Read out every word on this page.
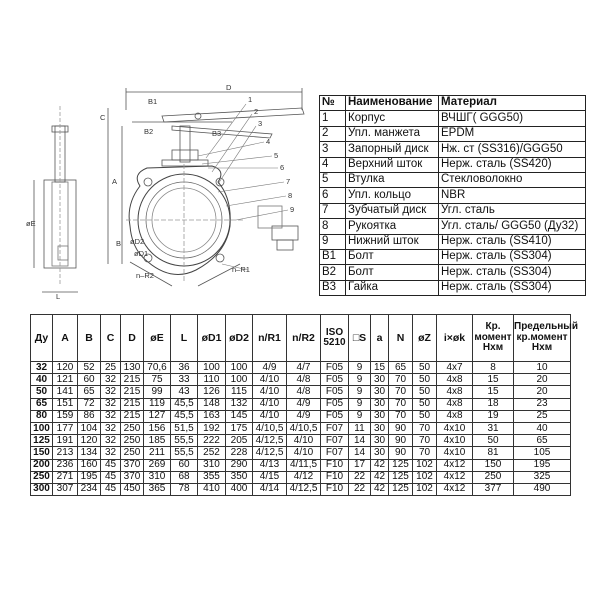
D
C
A
B
øE
L
øD2
øD1
n–R1
n–R2
1
2
3
4
5
6
7
8
9
B1
B2	B3
№	Наименование	Материал
1	Корпус	ВЧШГ( GGG50)
2	Упл. манжета	EPDM
3	Запорный диск	Нж. ст (SS316)/GGG50
4	Верхний шток	Нерж. сталь (SS420)
5	Втулка	Стекловолокно
6	Упл. кольцо	NBR
7	Зубчатый диск	Угл. сталь
8	Рукоятка	Угл. сталь/ GGG50 (Ду32)
9	Нижний шток	Нерж. сталь (SS410)
B1	Болт	Нерж. сталь (SS304)
B2	Болт	Нерж. сталь (SS304)
B3	Гайка	Нерж. сталь (SS304)
Ду	A	B	C	D	øE	L	øD1	øD2	n/R1	n/R2	ISO 5210	□S	a	N	øZ	i×øk	Кр. момент Нхм	Предельный кр.момент Нхм
32	120	52	25	130	70,6	36	100	100	4/9	4/7	F05	9	15	65	50	4x7	8	10
40	121	60	32	215	75	33	110	100	4/10	4/8	F05	9	30	70	50	4x8	15	20
50	141	65	32	215	99	43	126	115	4/10	4/8	F05	9	30	70	50	4x8	15	20
65	151	72	32	215	119	45,5	148	132	4/10	4/9	F05	9	30	70	50	4x8	18	23
80	159	86	32	215	127	45,5	163	145	4/10	4/9	F05	9	30	70	50	4x8	19	25
100	177	104	32	250	156	51,5	192	175	4/10,5	4/10,5	F07	11	30	90	70	4x10	31	40
125	191	120	32	250	185	55,5	222	205	4/12,5	4/10	F07	14	30	90	70	4x10	50	65
150	213	134	32	250	211	55,5	252	228	4/12,5	4/10	F07	14	30	90	70	4x10	81	105
200	236	160	45	370	269	60	310	290	4/13	4/11,5	F10	17	42	125	102	4x12	150	195
250	271	195	45	370	310	68	355	350	4/15	4/12	F10	22	42	125	102	4x12	250	325
300	307	234	45	450	365	78	410	400	4/14	4/12,5	F10	22	42	125	102	4x12	377	490
